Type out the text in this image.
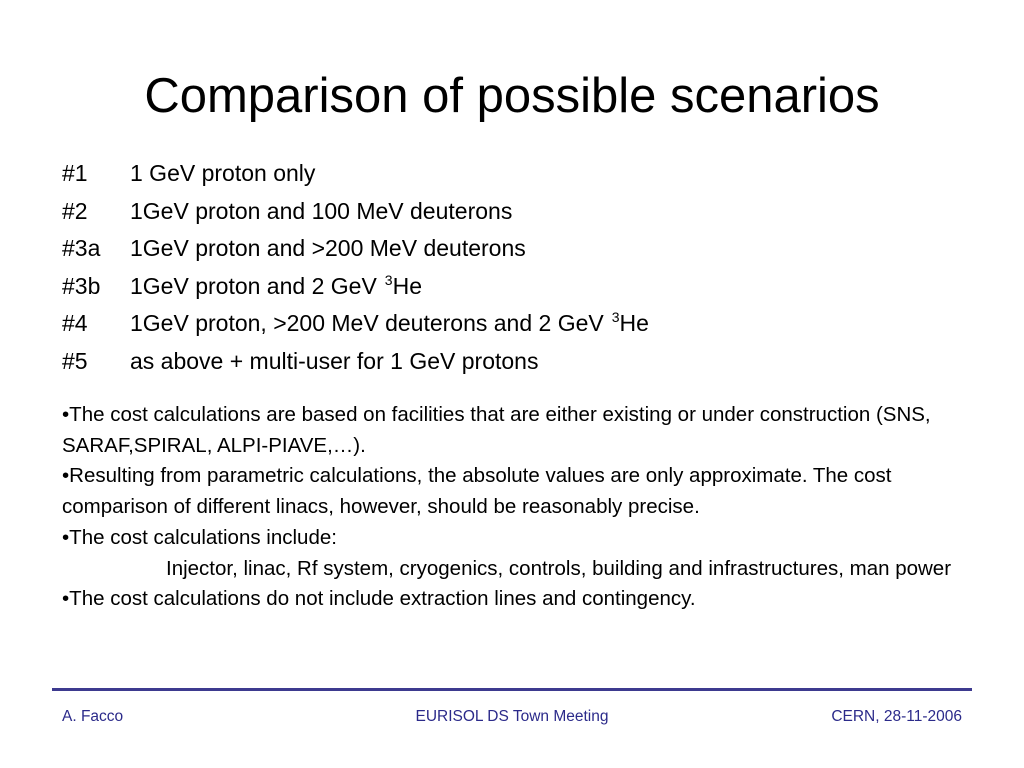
Comparison of possible scenarios
#1	1 GeV proton only
#2	1GeV proton and 100 MeV deuterons
#3a	1GeV proton and >200 MeV deuterons
#3b	1GeV proton and 2 GeV $^3$He
#4	1GeV proton, >200 MeV deuterons and 2 GeV $^3$He
#5	as above + multi-user for 1 GeV protons

•The cost calculations are based on facilities that are either existing or under construction (SNS, SARAF,SPIRAL, ALPI-PIAVE,…).

•Resulting from parametric calculations, the absolute values are only approximate. The cost comparison of different linacs, however, should be reasonably precise.

•The cost calculations include:

Injector, linac, Rf system, cryogenics, controls, building and infrastructures, man power

•The cost calculations do not include extraction lines and contingency.

EURISOL DS Town Meeting
A. Facco	CERN, 28-11-2006
